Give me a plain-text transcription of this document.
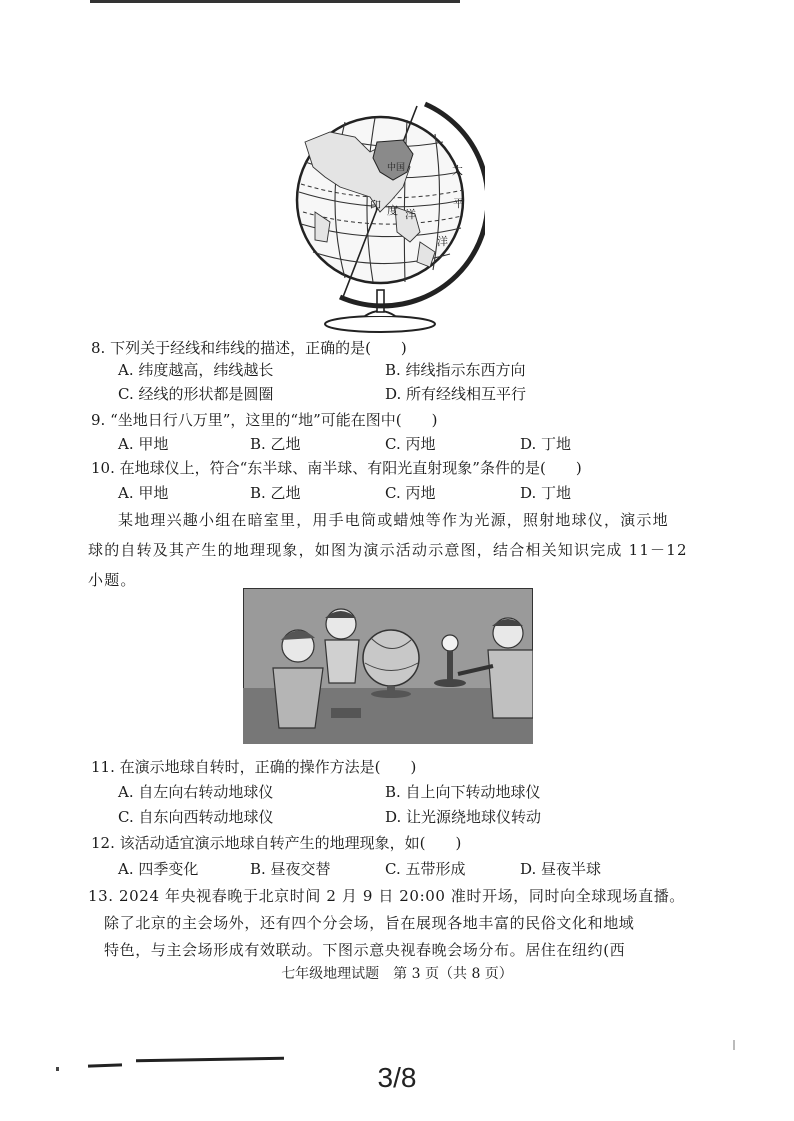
中国
印 度 洋
太
平
洋
8. 下列关于经线和纬线的描述，正确的是(　　)
A. 纬度越高，纬线越长	B. 纬线指示东西方向
C. 经线的形状都是圆圈	D. 所有经线相互平行
9. “坐地日行八万里”，这里的“地”可能在图中(　　)
A. 甲地	B. 乙地	C. 丙地	D. 丁地
10. 在地球仪上，符合“东半球、南半球、有阳光直射现象”条件的是(　　)
A. 甲地	B. 乙地	C. 丙地	D. 丁地
某地理兴趣小组在暗室里，用手电筒或蜡烛等作为光源，照射地球仪，演示地
球的自转及其产生的地理现象，如图为演示活动示意图，结合相关知识完成 11－12
小题。
11. 在演示地球自转时，正确的操作方法是(　　)
A. 自左向右转动地球仪	B. 自上向下转动地球仪
C. 自东向西转动地球仪	D. 让光源绕地球仪转动
12. 该活动适宜演示地球自转产生的地理现象，如(　　)
A. 四季变化	B. 昼夜交替	C. 五带形成	D. 昼夜半球
13. 2024 年央视春晚于北京时间 2 月 9 日 20:00 准时开场，同时向全球现场直播。
除了北京的主会场外，还有四个分会场，旨在展现各地丰富的民俗文化和地域
特色，与主会场形成有效联动。下图示意央视春晚会场分布。居住在纽约(西
七年级地理试题　第 3 页（共 8 页）
3/8
